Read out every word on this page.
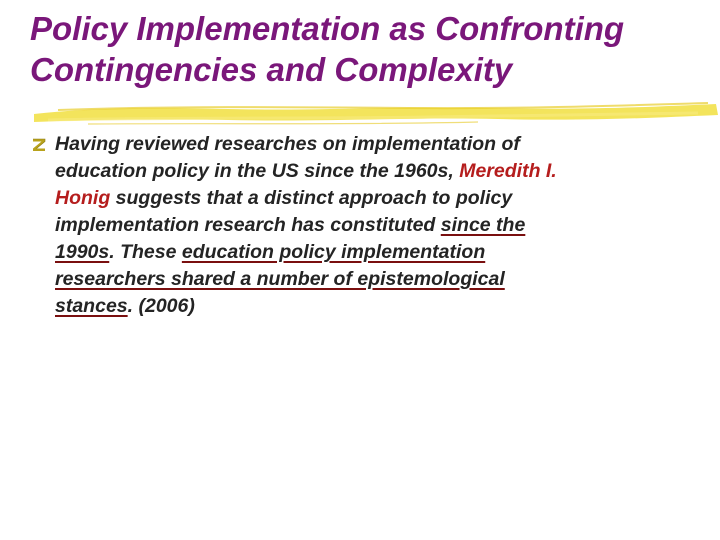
Policy Implementation as Confronting
Contingencies and Complexity
Having reviewed researches on implementation of
education policy in the US since the 1960s, Meredith I.
Honig suggests that a distinct approach to policy
implementation research has constituted since the
1990s. These education policy implementation
researchers shared a number of epistemological
stances. (2006)
